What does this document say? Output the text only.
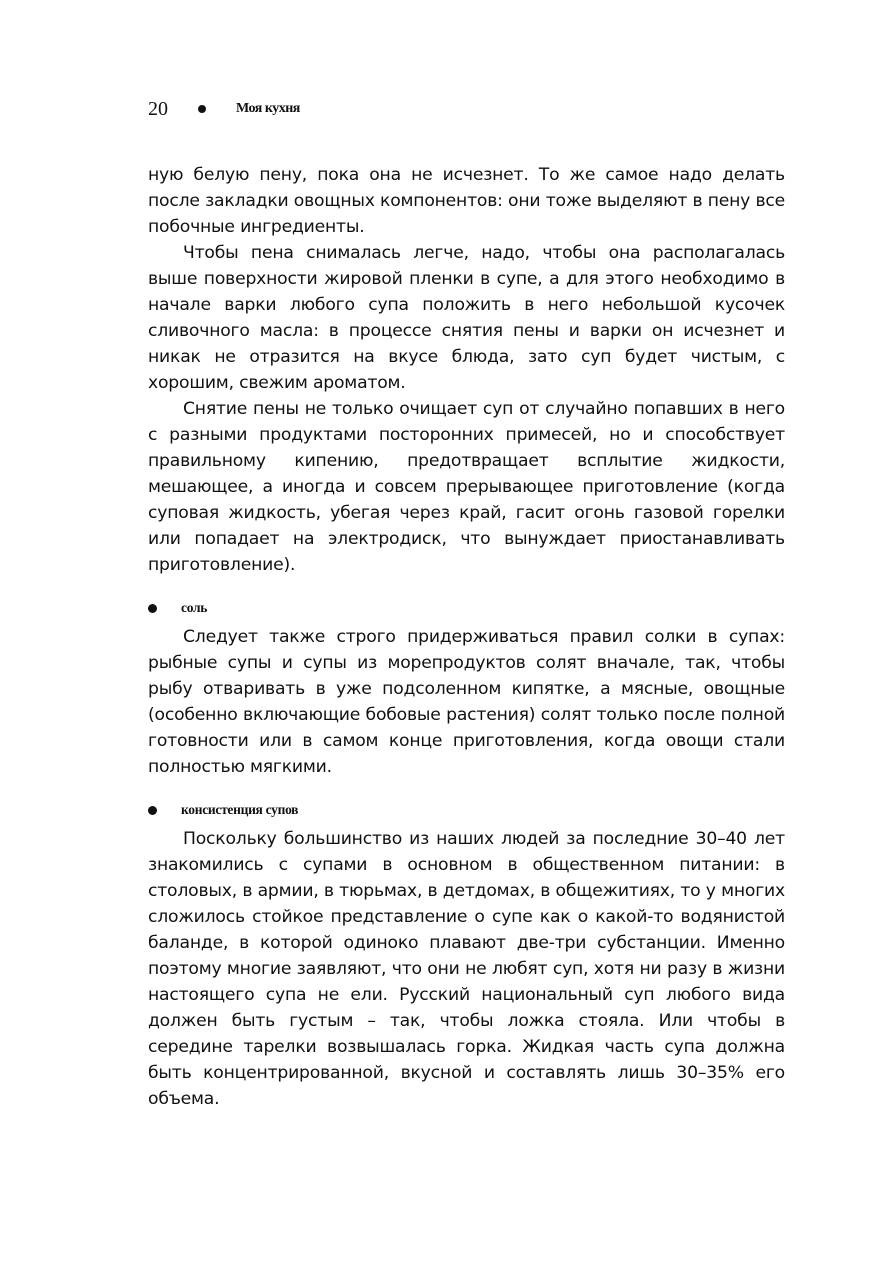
20	Моя кухня

ную белую пену, пока она не исчезнет. То же самое надо делать после закладки овощных компонентов: они тоже выделяют в пену все побочные ингредиенты.

Чтобы пена снималась легче, надо, чтобы она располагалась выше поверхности жировой пленки в супе, а для этого необходимо в начале варки любого супа положить в него небольшой кусочек сливочного масла: в процессе снятия пены и варки он исчезнет и никак не отразится на вкусе блюда, зато суп будет чистым, с хорошим, свежим ароматом.

Снятие пены не только очищает суп от случайно попавших в него с разными продуктами посторонних примесей, но и способствует правильному кипению, предотвращает всплытие жидкости, мешающее, а иногда и совсем прерывающее приготовление (когда суповая жидкость, убегая через край, гасит огонь газовой горелки или попадает на электродиск, что вынуждает приостанавливать приготовление).

соль

Следует также строго придерживаться правил солки в супах: рыбные супы и супы из морепродуктов солят вначале, так, чтобы рыбу отваривать в уже подсоленном кипятке, а мясные, овощные (особенно включающие бобовые растения) солят только после полной готовности или в самом конце приготовления, когда овощи стали полностью мягкими.

консистенция супов

Поскольку большинство из наших людей за последние 30–40 лет знакомились с супами в основном в общественном питании: в столовых, в армии, в тюрьмах, в детдомах, в общежитиях, то у многих сложилось стойкое представление о супе как о какой-то водянистой баланде, в которой одиноко плавают две-три субстанции. Именно поэтому многие заявляют, что они не любят суп, хотя ни разу в жизни настоящего супа не ели. Русский национальный суп любого вида должен быть густым – так, чтобы ложка стояла. Или чтобы в середине тарелки возвышалась горка. Жидкая часть супа должна быть концентрированной, вкусной и составлять лишь 30–35% его объема.
